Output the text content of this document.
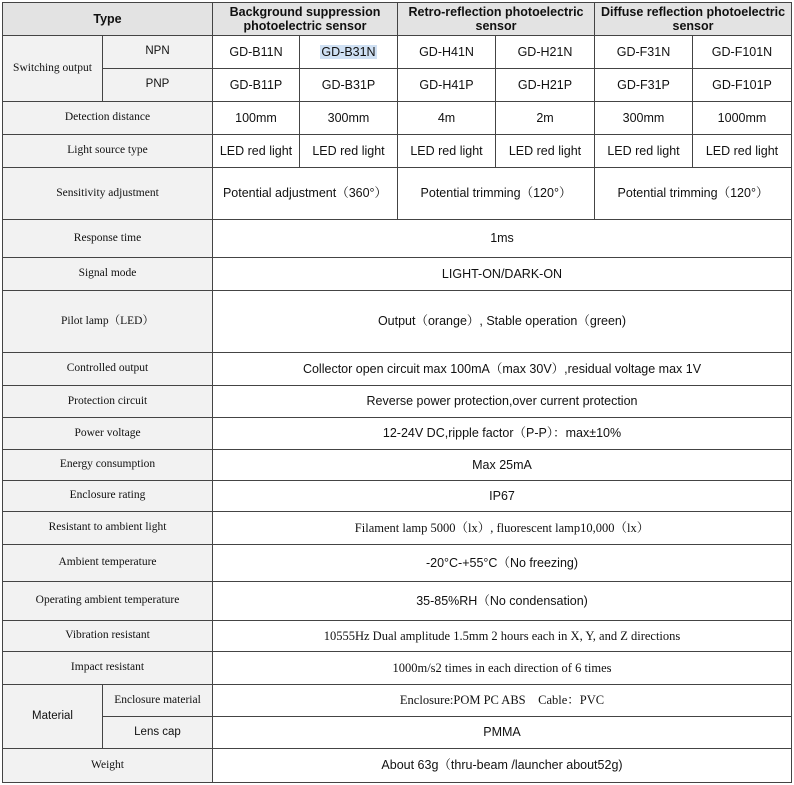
Type		Background suppression photoelectric sensor		Retro-reflection photoelectric sensor		Diffuse reflection photoelectric sensor	
Switching output	NPN	GD-B11N	GD-B31N	GD-H41N	GD-H21N	GD-F31N	GD-F101N
	PNP	GD-B11P	GD-B31P	GD-H41P	GD-H21P	GD-F31P	GD-F101P
Detection distance		100mm	300mm	4m	2m	300mm	1000mm
Light source type		LED red light	LED red light	LED red light	LED red light	LED red light	LED red light
Sensitivity adjustment		Potential adjustment（360°）		Potential trimming（120°）		Potential trimming（120°）	
Response time		1ms					
Signal mode		LIGHT-ON/DARK-ON					
Pilot lamp（LED）		Output（orange）, Stable operation（green)					
Controlled output		Collector open circuit max 100mA（max 30V）,residual voltage max 1V					
Protection circuit		Reverse power protection,over current protection					
Power voltage		12-24V DC,ripple factor（P-P）：max±10%					
Energy consumption		Max 25mA					
Enclosure rating		IP67					
Resistant to ambient light		Filament lamp 5000（lx）, fluorescent lamp10,000（lx）					
Ambient temperature		-20°C-+55°C（No freezing)					
Operating ambient temperature		35-85%RH（No condensation)					
Vibration resistant		10555Hz Dual amplitude 1.5mm 2 hours each in X, Y, and Z directions					
Impact resistant		1000m/s2 times in each direction of 6 times					
Material	Enclosure material	Enclosure:POM PC ABS　Cable：PVC					
	Lens cap	PMMA					
Weight		About 63g（thru-beam /launcher about52g)					
